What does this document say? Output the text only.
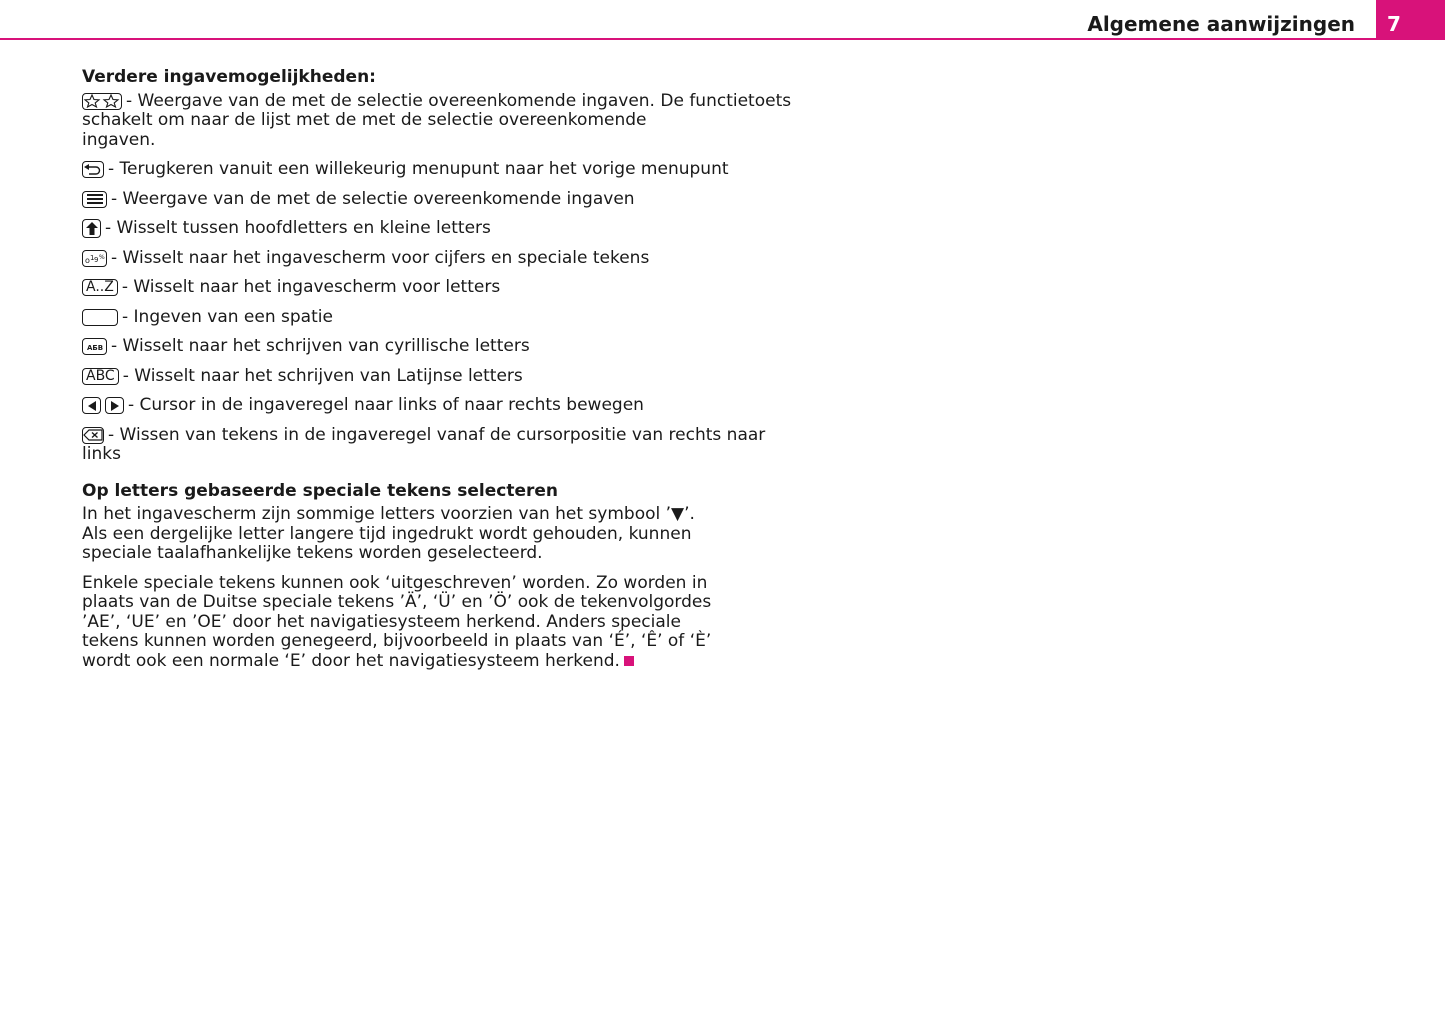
Algemene aanwijzingen 7
Verdere ingavemogelijkheden:
- Weergave van de met de selectie overeenkomende ingaven. De functietoets
schakelt om naar de lijst met de met de selectie overeenkomende ingaven.
- Terugkeren vanuit een willekeurig menupunt naar het vorige menupunt
- Weergave van de met de selectie overeenkomende ingaven
- Wisselt tussen hoofdletters en kleine letters
o 1 9 % - Wisselt naar het ingavescherm voor cijfers en speciale tekens
A..Z - Wisselt naar het ingavescherm voor letters
- Ingeven van een spatie
АБВ - Wisselt naar het schrijven van cyrillische letters
ABC - Wisselt naar het schrijven van Latijnse letters
- Cursor in de ingaveregel naar links of naar rechts bewegen
- Wissen van tekens in de ingaveregel vanaf de cursorpositie van rechts naar
links
Op letters gebaseerde speciale tekens selecteren
In het ingavescherm zijn sommige letters voorzien van het symbool ’▼’. Als een dergelijke letter langere tijd ingedrukt wordt gehouden, kunnen speciale taalafhankelijke tekens worden geselecteerd.
Enkele speciale tekens kunnen ook ‘uitgeschreven’ worden. Zo worden in plaats van de Duitse speciale tekens ’Ä’, ‘Ü’ en ’Ö’ ook de tekenvolgordes ’AE’, ‘UE’ en ’OE’ door het navigatiesysteem herkend. Anders speciale tekens kunnen worden genegeerd, bijvoorbeeld in plaats van ‘É’, ‘Ê’ of ‘È’ wordt ook een normale ‘E’ door het navigatiesysteem herkend.
